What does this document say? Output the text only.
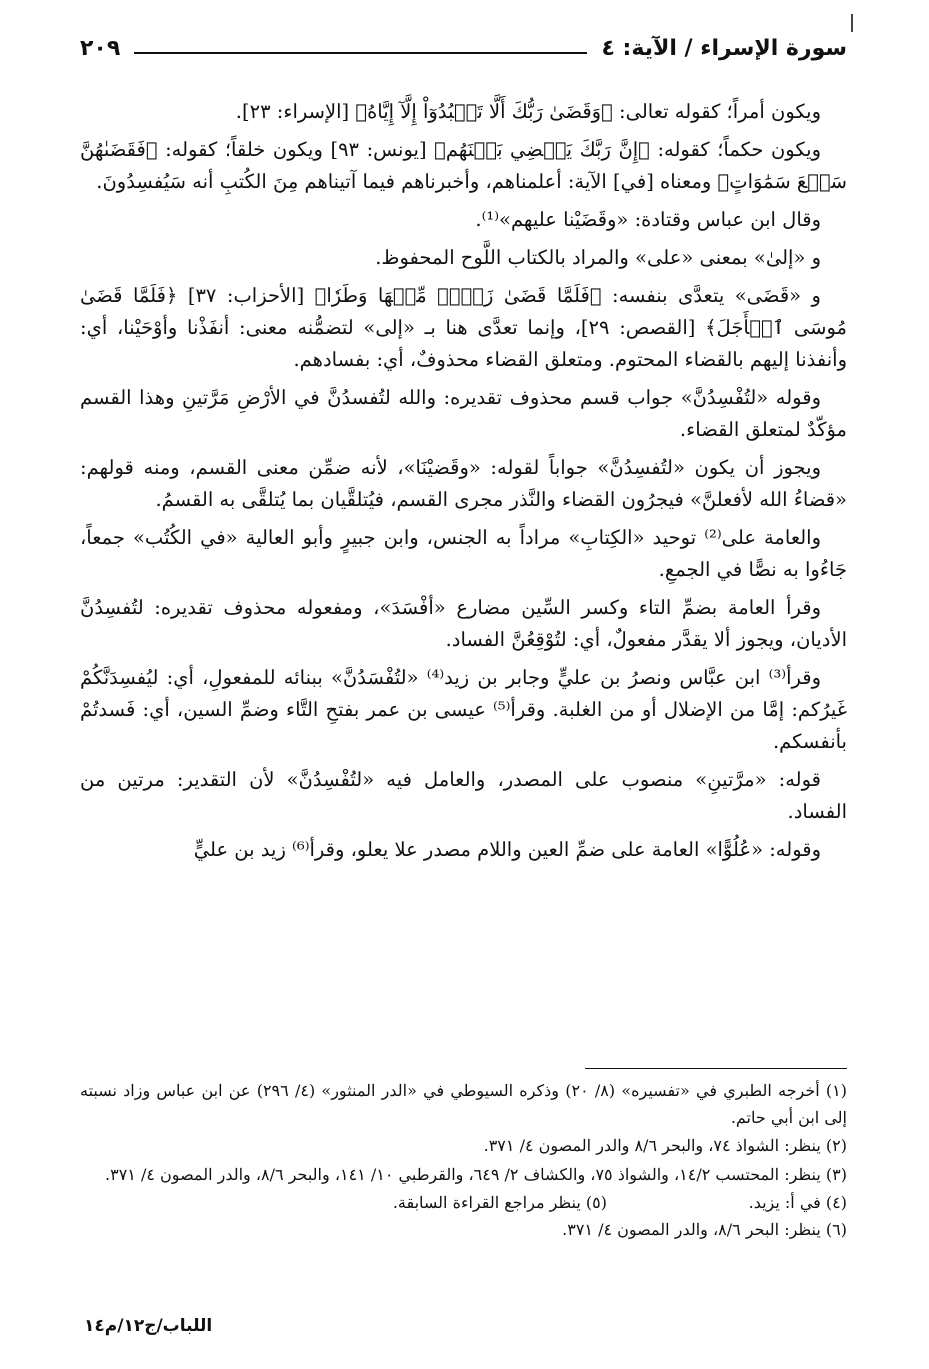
سورة الإسراء / الآية: ٤
٢٠٩

ويكون أمراً؛ كقوله تعالى: ﴿وَقَضَىٰ رَبُّكَ أَلَّا تَعۡبُدُوٓاْ إِلَّآ إِيَّاهُ﴾ [الإسراء: ٢٣].

ويكون حكماً؛ كقوله: ﴿إِنَّ رَبَّكَ يَقۡضِي بَيۡنَهُم﴾ [يونس: ٩٣] ويكون خلقاً؛ كقوله: ﴿فَقَضَىٰهُنَّ سَبۡعَ سَمَٰوَاتٍ﴾ ومعناه [في] الآية: أعلمناهم، وأخبرناهم فيما آتيناهم مِنَ الكُتبِ أنه سَيُفسِدُونَ.

وقال ابن عباس وقتادة: «وقَضَيْنا عليهم»⁽¹⁾.

و «إلىٰ» بمعنى «على» والمراد بالكتاب اللَّوح المحفوظ.

و «قَضَى» يتعدَّى بنفسه: ﴿فَلَمَّا قَضَىٰ زَيۡدٞ مِّنۡهَا وَطَرٗا﴾ [الأحزاب: ٣٧] ﴿فَلَمَّا قَضَىٰ مُوسَى ٱلۡأَجَلَ﴾ [القصص: ٢٩]، وإنما تعدَّى هنا بـ «إلى» لتضمُّنه معنى: أنفَذْنا وأوْحَيْنا، أي: وأنفذنا إليهم بالقضاء المحتوم. ومتعلق القضاء محذوفٌ، أي: بفسادهم.

وقوله «لتُفْسِدُنَّ» جواب قسم محذوف تقديره: والله لتُفسدُنَّ في الأرْضِ مَرَّتينِ وهذا القسم مؤكّدٌ لمتعلق القضاء.

ويجوز أن يكون «لتُفسِدُنَّ» جواباً لقوله: «وقَضيْنَا»، لأنه ضمِّن معنى القسم، ومنه قولهم: «قضاءُ الله لأفعلنَّ» فيجرُون القضاء والنَّذر مجرى القسم، فيُتلقَّيان بما يُتلقَّى به القسمُ.

والعامة على⁽²⁾ توحيد «الكِتابِ» مراداً به الجنس، وابن جبيرٍ وأبو العالية «في الكُتُب» جمعاً، جَاءُوا به نصًّا في الجمعِ.

وقرأ العامة بضمِّ التاء وكسر السِّين مضارع «أفْسَدَ»، ومفعوله محذوف تقديره: لتُفسِدُنَّ الأديان، ويجوز ألا يقدَّر مفعولٌ، أي: لتُوْقِعُنَّ الفساد.

وقرأ⁽³⁾ ابن عبَّاس ونصرُ بن عليٍّ وجابر بن زيد⁽⁴⁾ «لتُفْسَدُنَّ» ببنائه للمفعولِ، أي: ليُفسِدَنَّكُمْ غَيرُكم: إمَّا من الإضلال أو من الغلبة. وقرأ⁽⁵⁾ عيسى بن عمر بفتحِ التَّاء وضمِّ السين، أي: فَسدتُمْ بأنفسكم.

قوله: «مرَّتينِ» منصوب على المصدر، والعامل فيه «لتُفْسِدُنَّ» لأن التقدير: مرتين من الفساد.

وقوله: «عُلُوًّا» العامة على ضمِّ العين واللام مصدر علا يعلو، وقرأ⁽⁶⁾ زيد بن عليٍّ

(١) أخرجه الطبري في «تفسيره» (٨/ ٢٠) وذكره السيوطي في «الدر المنثور» (٤/ ٢٩٦) عن ابن عباس وزاد نسبته إلى ابن أبي حاتم.

(٢) ينظر: الشواذ ٧٤، والبحر ٨/٦ والدر المصون ٤/ ٣٧١.

(٣) ينظر: المحتسب ١٤/٢، والشواذ ٧٥، والكشاف ٢/ ٦٤٩، والقرطبي ١٠/ ١٤١، والبحر ٨/٦، والدر المصون ٤/ ٣٧١.

(٤) في أ: يزيد.
(٥) ينظر مراجع القراءة السابقة.

(٦) ينظر: البحر ٨/٦، والدر المصون ٤/ ٣٧١.

اللباب/ج١٢/م١٤
